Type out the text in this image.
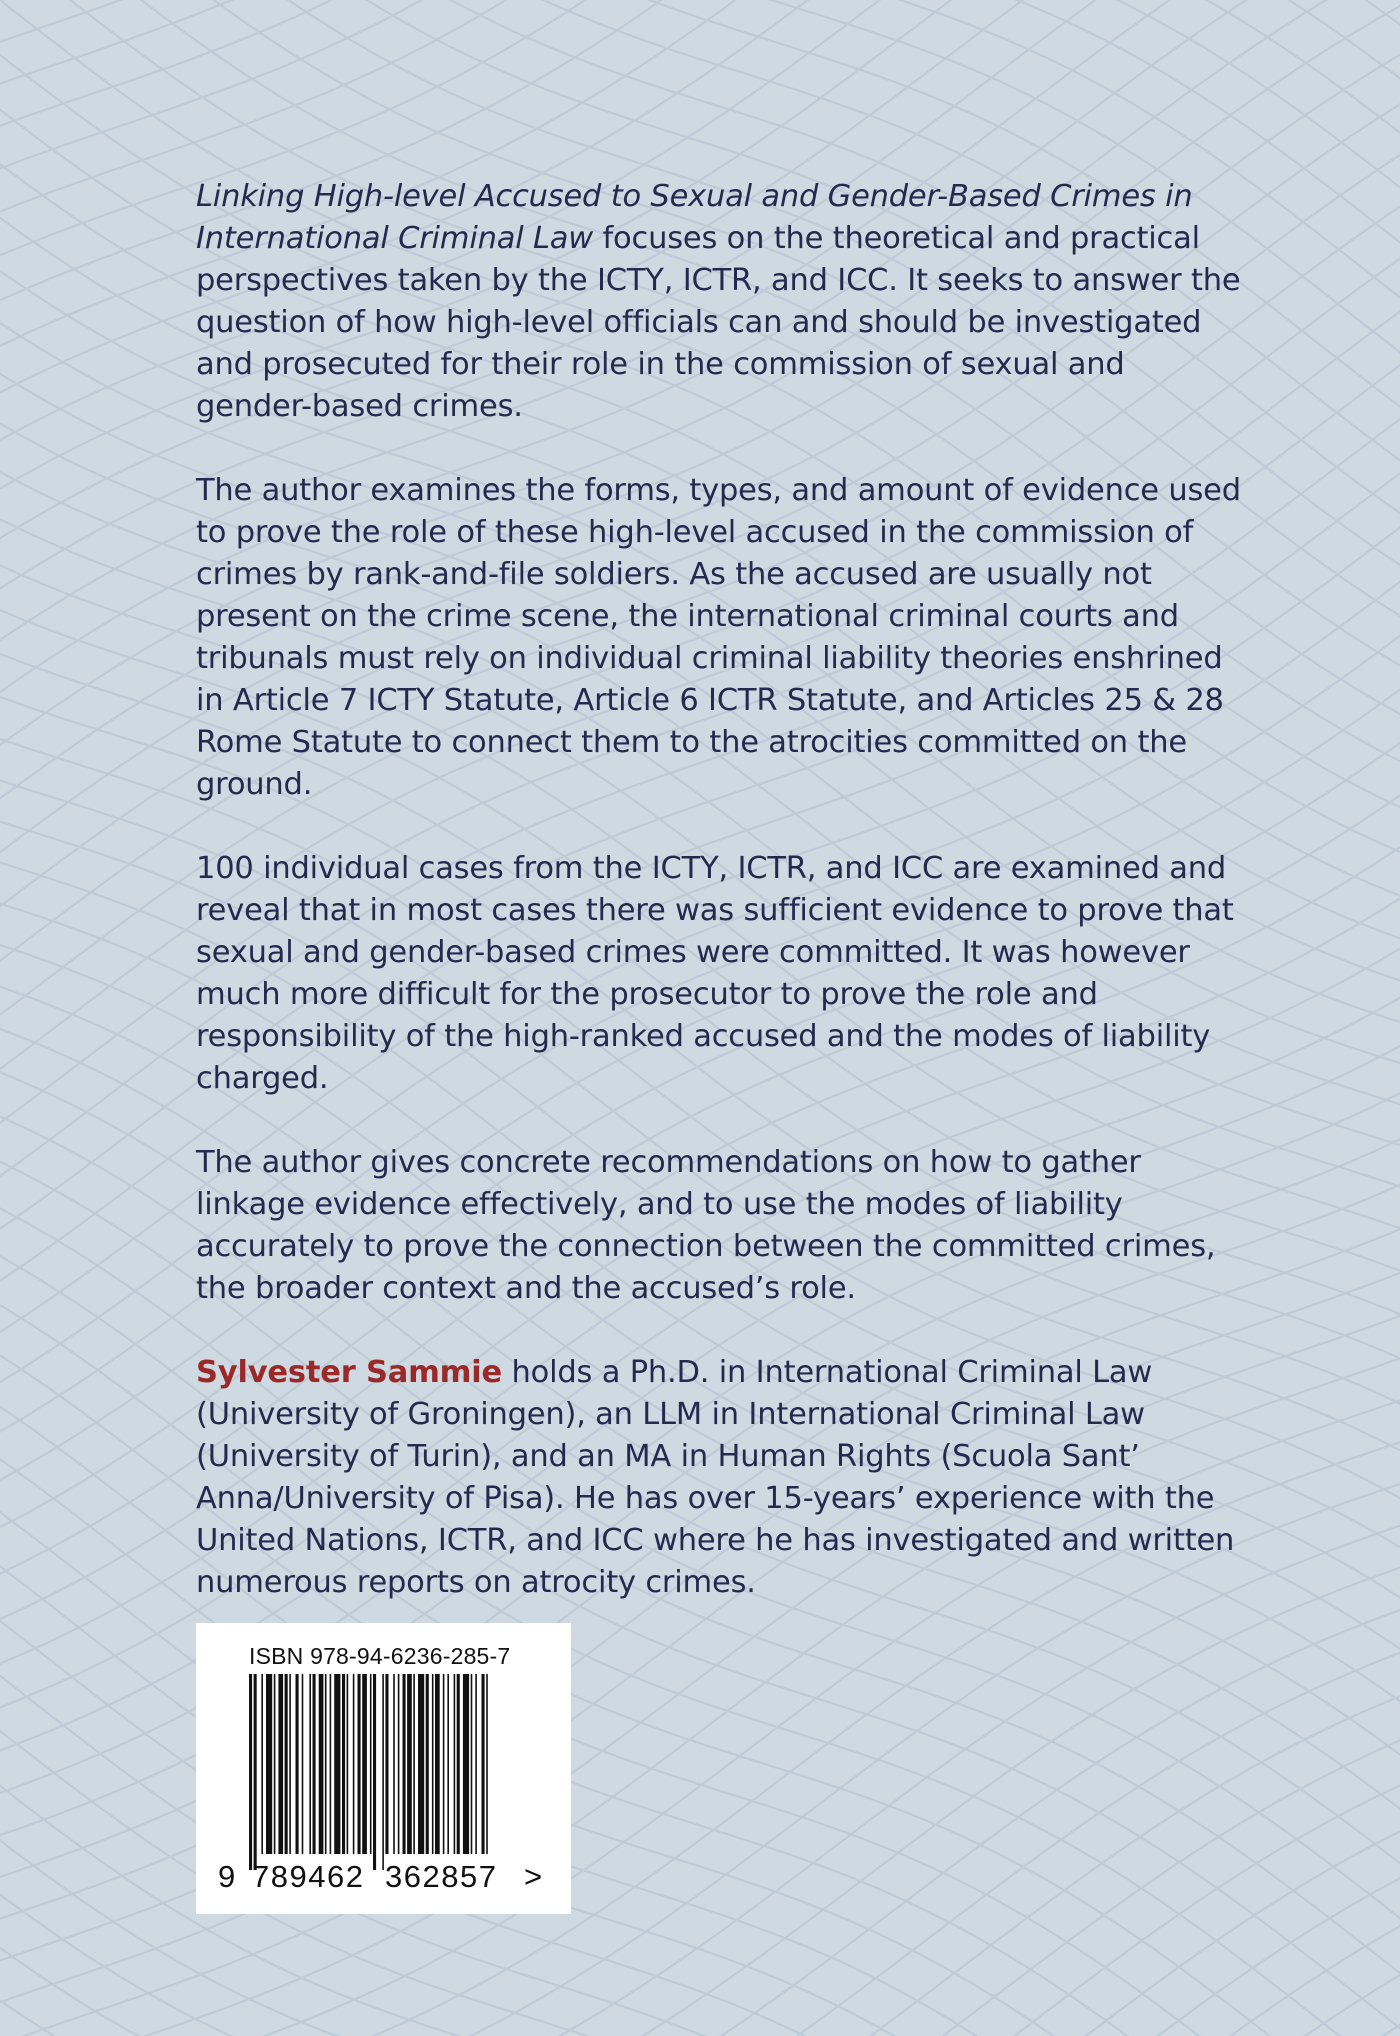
Linking High-level Accused to Sexual and Gender-Based Crimes in International Criminal Law focuses on the theoretical and practical perspectives taken by the ICTY, ICTR, and ICC. It seeks to answer the question of how high-level officials can and should be investigated and prosecuted for their role in the commission of sexual and gender-based crimes.

The author examines the forms, types, and amount of evidence used to prove the role of these high-level accused in the commission of crimes by rank-and-file soldiers. As the accused are usually not present on the crime scene, the international criminal courts and tribunals must rely on individual criminal liability theories enshrined in Article 7 ICTY Statute, Article 6 ICTR Statute, and Articles 25 & 28 Rome Statute to connect them to the atrocities committed on the ground.

100 individual cases from the ICTY, ICTR, and ICC are examined and reveal that in most cases there was sufficient evidence to prove that sexual and gender-based crimes were committed. It was however much more difficult for the prosecutor to prove the role and responsibility of the high-ranked accused and the modes of liability charged.

The author gives concrete recommendations on how to gather linkage evidence effectively, and to use the modes of liability accurately to prove the connection between the committed crimes, the broader context and the accused’s role.

Sylvester Sammie holds a Ph.D. in International Criminal Law (University of Groningen), an LLM in International Criminal Law (University of Turin), and an MA in Human Rights (Scuola Sant’ Anna/University of Pisa). He has over 15-years’ experience with the United Nations, ICTR, and ICC where he has investigated and written numerous reports on atrocity crimes.

ISBN 978-94-6236-285-7
9 789462 362857 >
